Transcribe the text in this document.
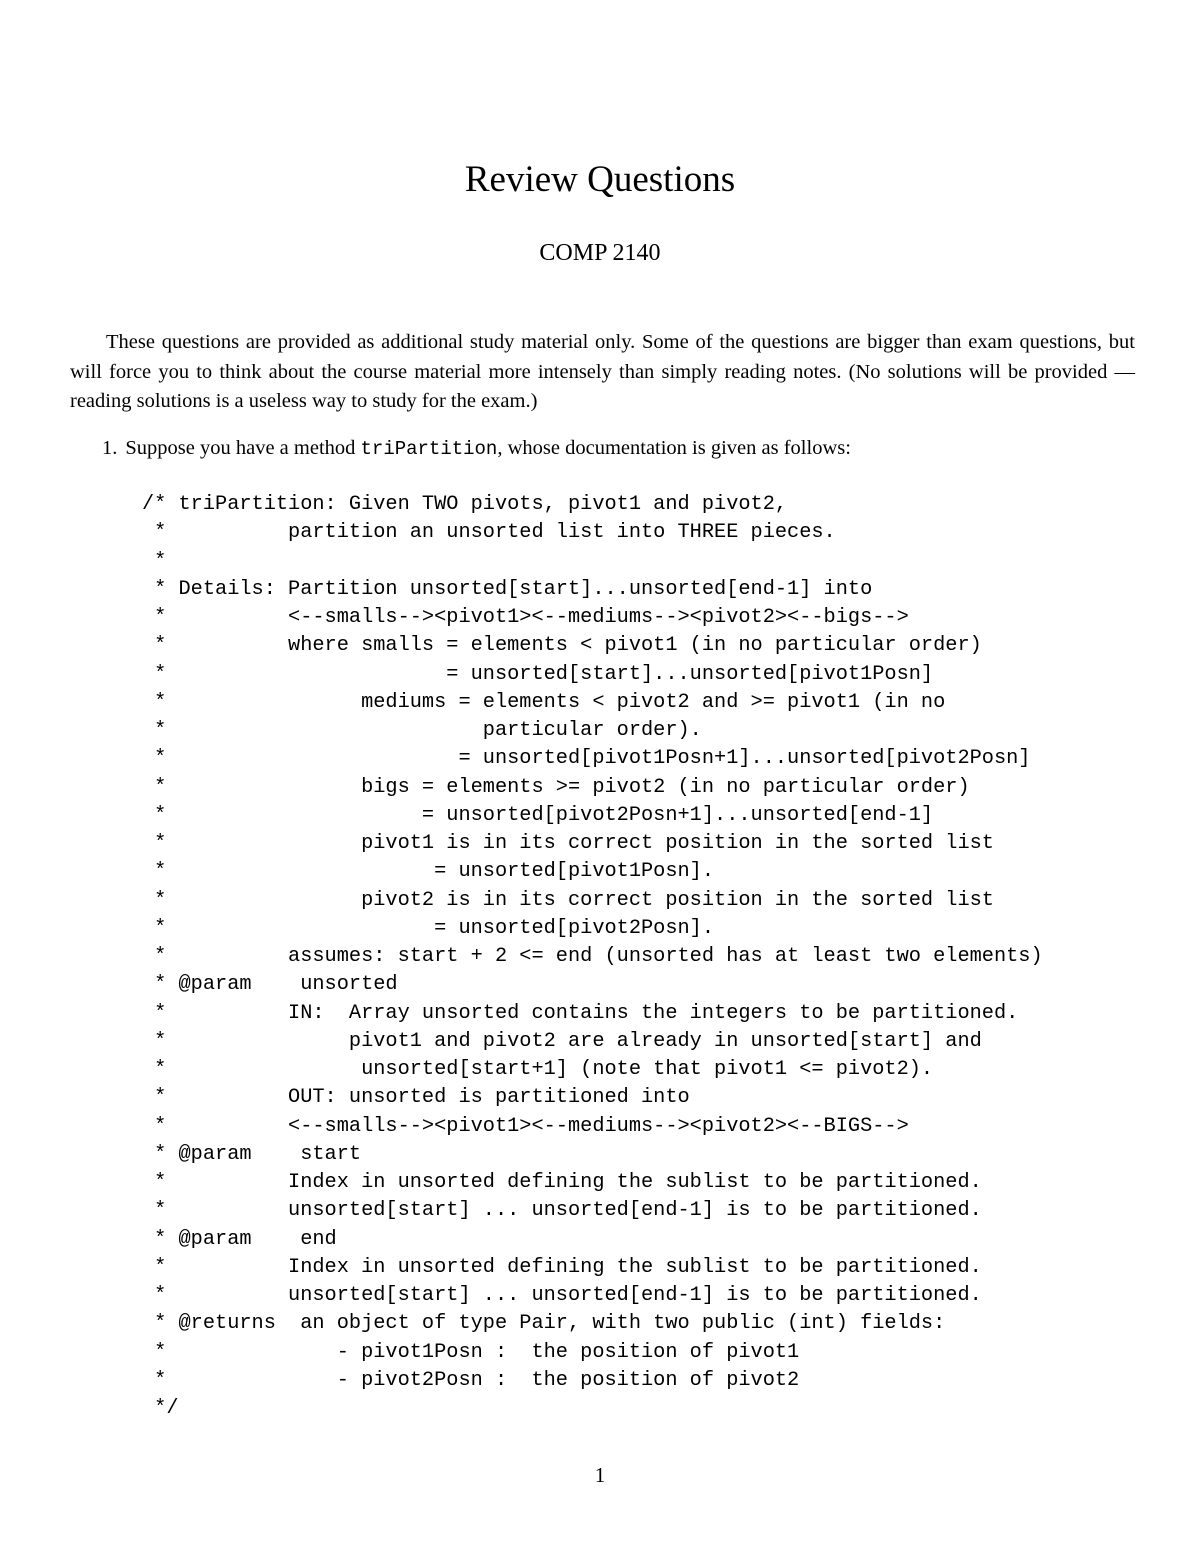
Review Questions
COMP 2140

These questions are provided as additional study material only. Some of the questions are bigger than exam questions, but will force you to think about the course material more intensely than simply reading notes. (No solutions will be provided — reading solutions is a useless way to study for the exam.)

1. Suppose you have a method triPartition, whose documentation is given as follows:

/* triPartition: Given TWO pivots, pivot1 and pivot2,
*          partition an unsorted list into THREE pieces.
*
* Details: Partition unsorted[start]...unsorted[end-1] into
*          <--smalls--><pivot1><--mediums--><pivot2><--bigs-->
*          where smalls = elements < pivot1 (in no particular order)
*                       = unsorted[start]...unsorted[pivot1Posn]
*                mediums = elements < pivot2 and >= pivot1 (in no
*                          particular order).
*                        = unsorted[pivot1Posn+1]...unsorted[pivot2Posn]
*                bigs = elements >= pivot2 (in no particular order)
*                     = unsorted[pivot2Posn+1]...unsorted[end-1]
*                pivot1 is in its correct position in the sorted list
*                      = unsorted[pivot1Posn].
*                pivot2 is in its correct position in the sorted list
*                      = unsorted[pivot2Posn].
*          assumes: start + 2 <= end (unsorted has at least two elements)
* @param    unsorted
*          IN:  Array unsorted contains the integers to be partitioned.
*               pivot1 and pivot2 are already in unsorted[start] and
*                unsorted[start+1] (note that pivot1 <= pivot2).
*          OUT: unsorted is partitioned into
*          <--smalls--><pivot1><--mediums--><pivot2><--BIGS-->
* @param    start
*          Index in unsorted defining the sublist to be partitioned.
*          unsorted[start] ... unsorted[end-1] is to be partitioned.
* @param    end
*          Index in unsorted defining the sublist to be partitioned.
*          unsorted[start] ... unsorted[end-1] is to be partitioned.
* @returns  an object of type Pair, with two public (int) fields:
*              - pivot1Posn :  the position of pivot1
*              - pivot2Posn :  the position of pivot2
*/
1
